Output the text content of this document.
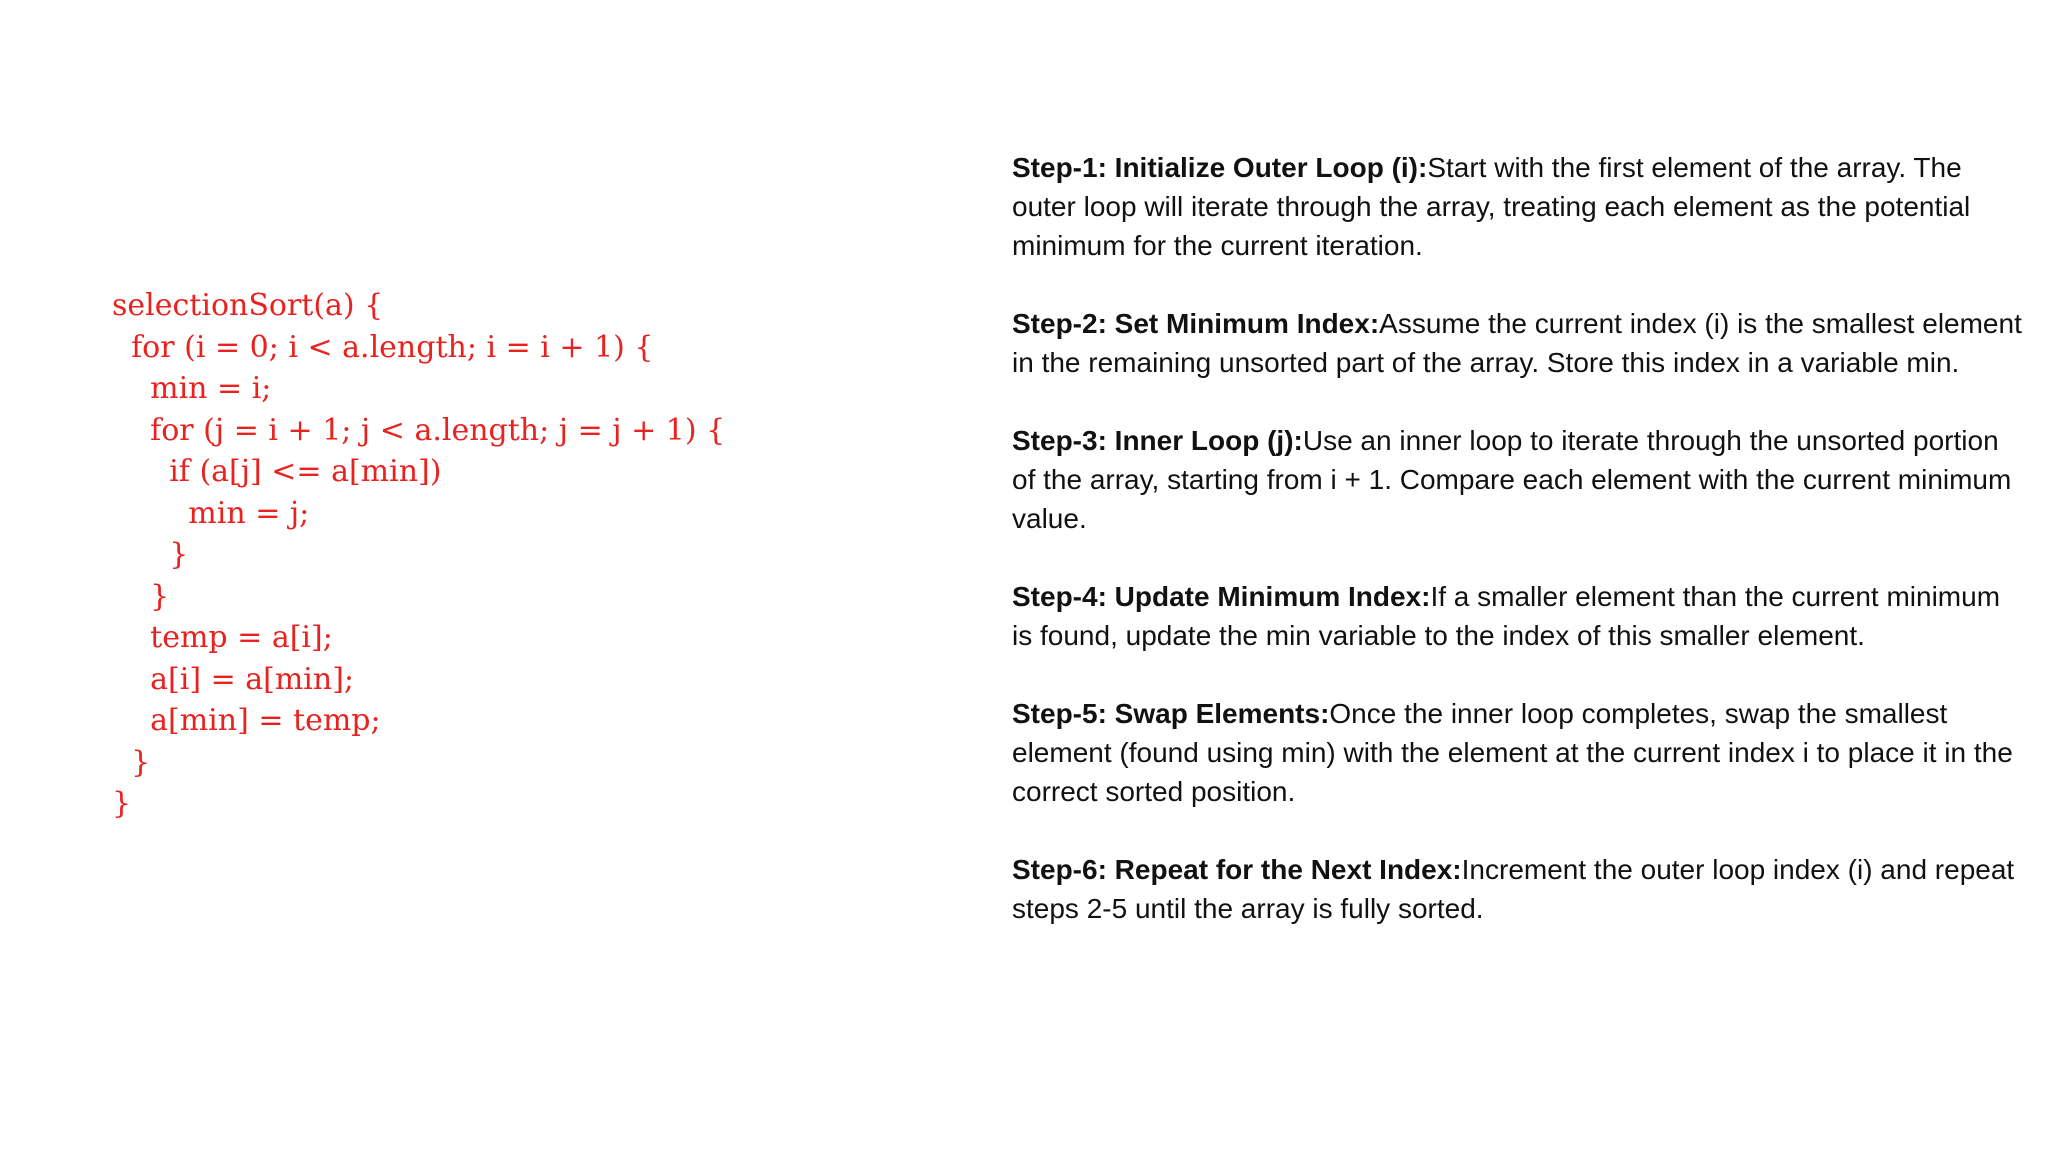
selectionSort(a) {
for (i = 0; i < a.length; i = i + 1) {
min = i;
for (j = i + 1; j < a.length; j = j + 1) {
if (a[j] <= a[min])
min = j;
}
}
temp = a[i];
a[i] = a[min];
a[min] = temp;
}
}

Step-1: Initialize Outer Loop (i):Start with the first element of the array. The outer loop will iterate through the array, treating each element as the potential minimum for the current iteration.

Step-2: Set Minimum Index:Assume the current index (i) is the smallest element in the remaining unsorted part of the array. Store this index in a variable min.

Step-3: Inner Loop (j):Use an inner loop to iterate through the unsorted portion of the array, starting from i + 1. Compare each element with the current minimum value.

Step-4: Update Minimum Index:If a smaller element than the current minimum is found, update the min variable to the index of this smaller element.

Step-5: Swap Elements:Once the inner loop completes, swap the smallest element (found using min) with the element at the current index i to place it in the correct sorted position.

Step-6: Repeat for the Next Index:Increment the outer loop index (i) and repeat steps 2-5 until the array is fully sorted.
